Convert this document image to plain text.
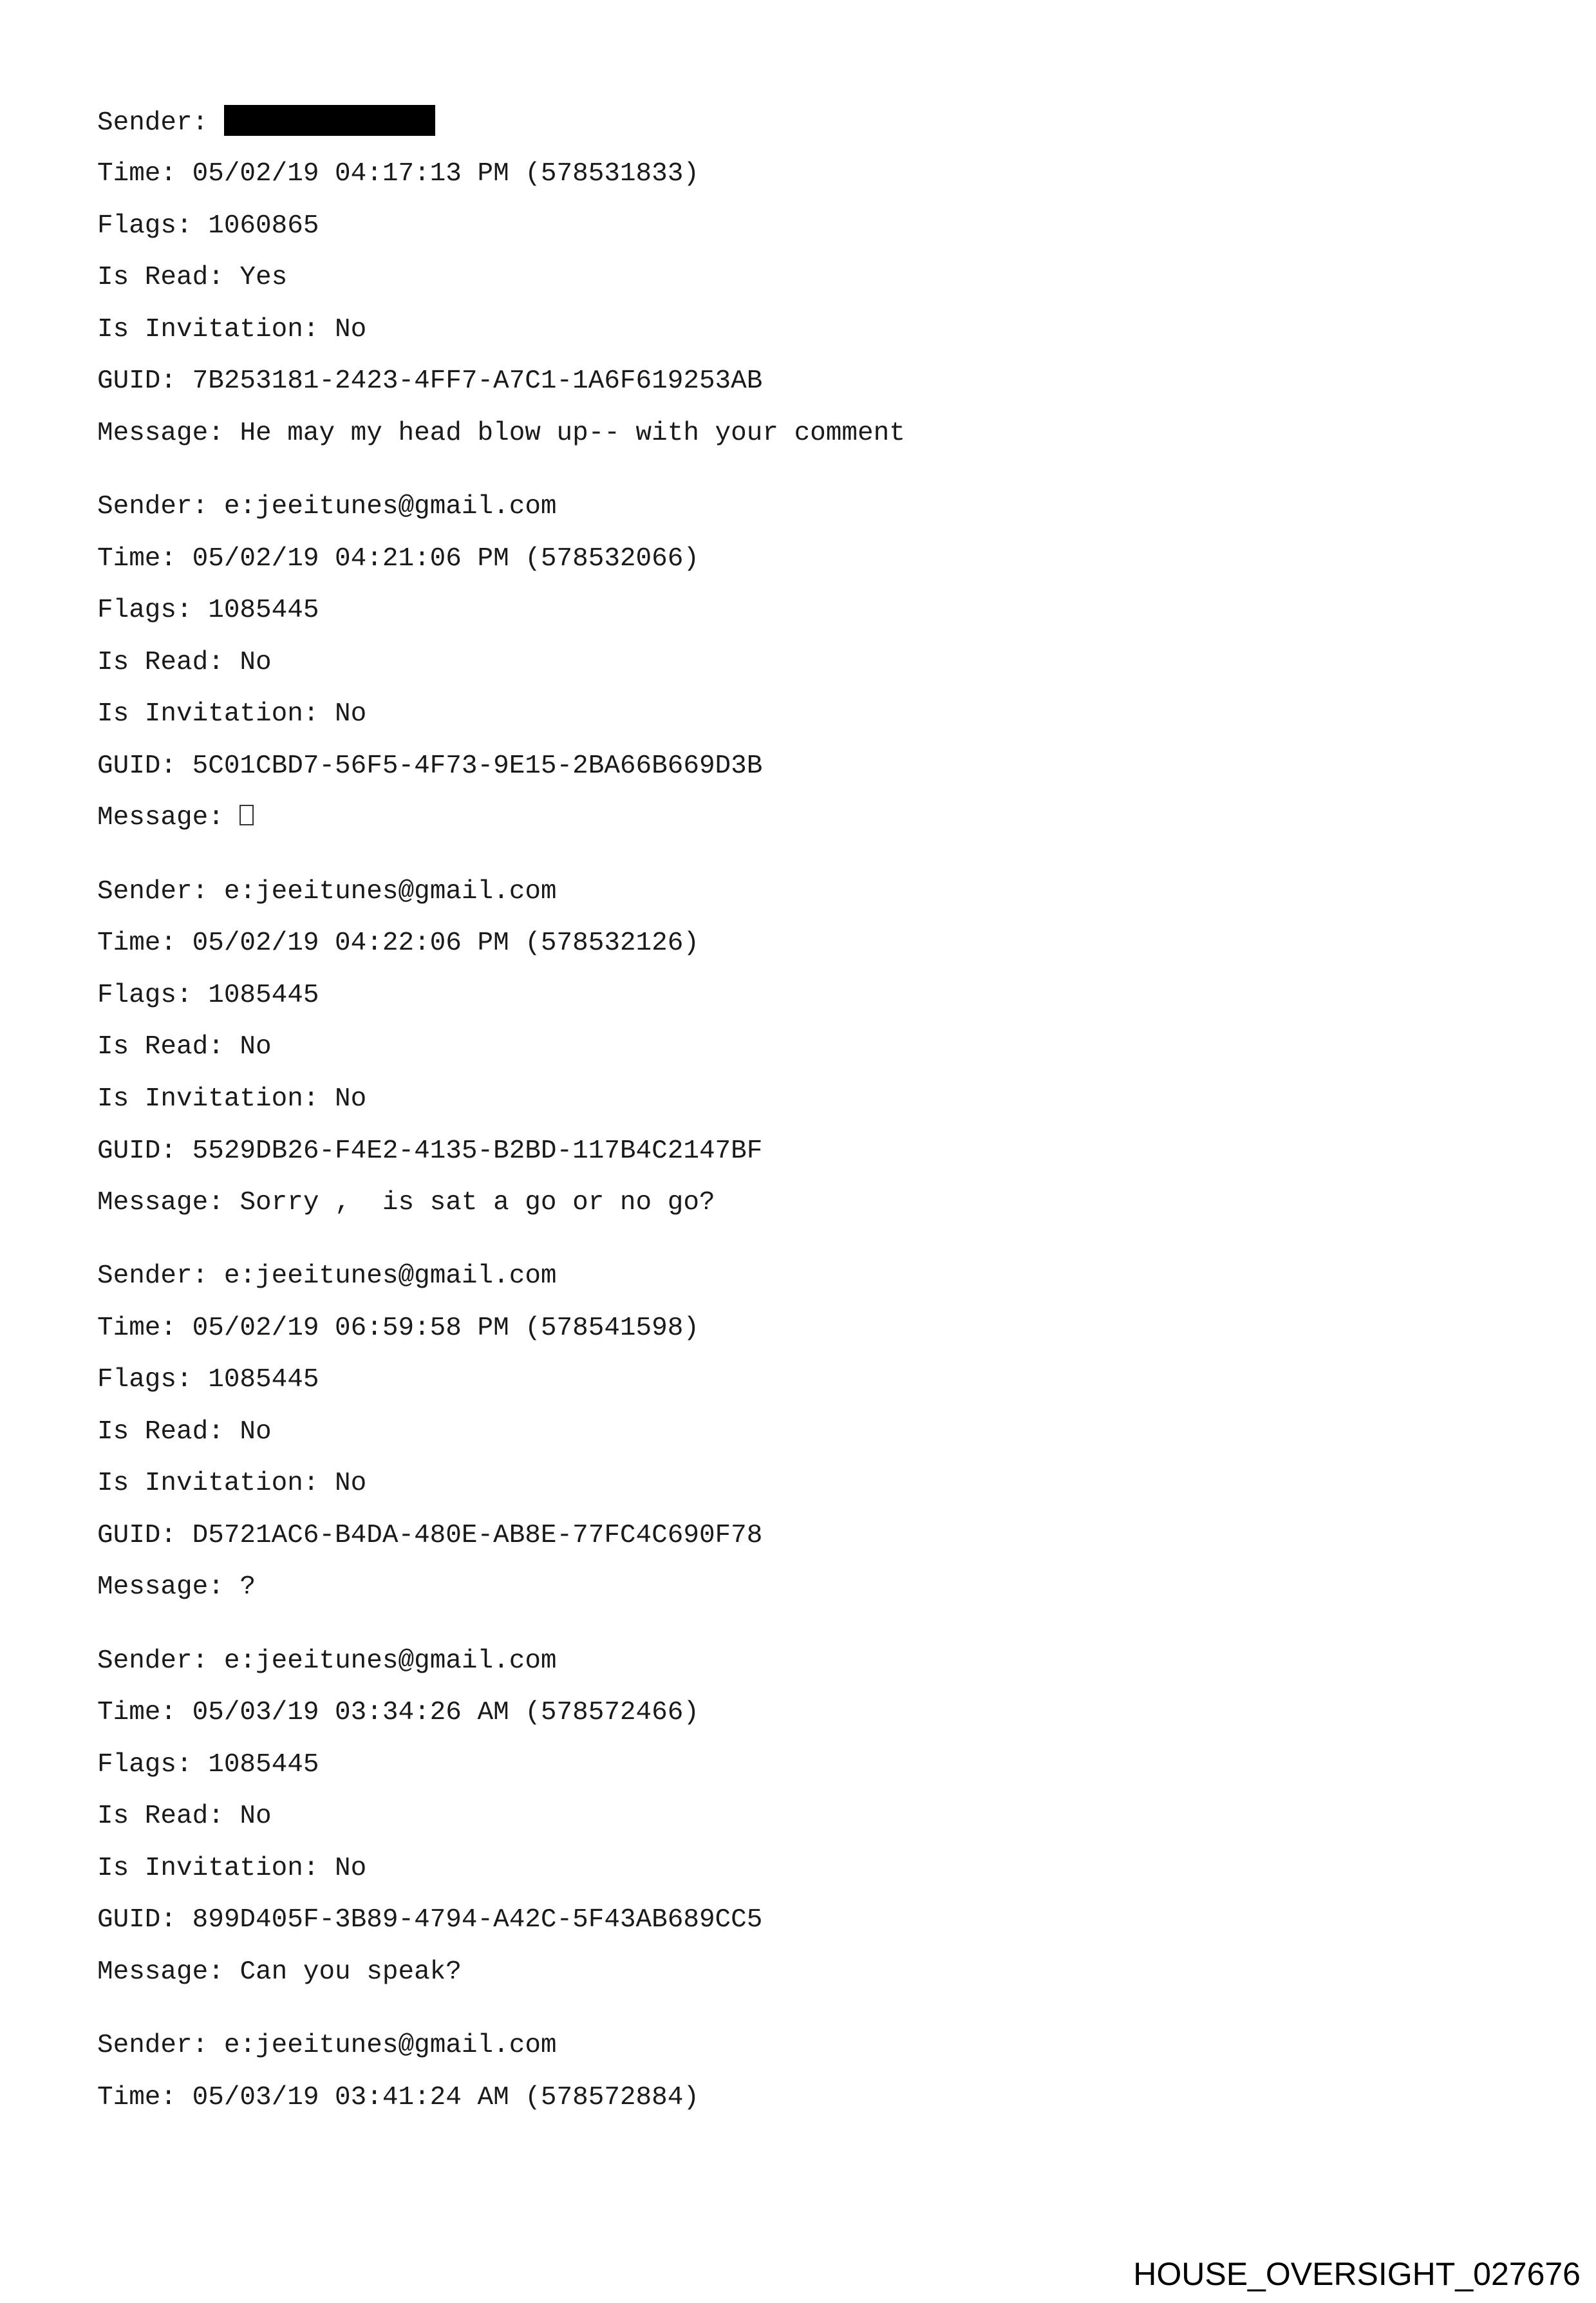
Sender:
Time: 05/02/19 04:17:13 PM (578531833)
Flags: 1060865
Is Read: Yes
Is Invitation: No
GUID: 7B253181-2423-4FF7-A7C1-1A6F619253AB
Message: He may my head blow up-- with your comment
Sender: e:jeeitunes@gmail.com
Time: 05/02/19 04:21:06 PM (578532066)
Flags: 1085445
Is Read: No
Is Invitation: No
GUID: 5C01CBD7-56F5-4F73-9E15-2BA66B669D3B
Message:
Sender: e:jeeitunes@gmail.com
Time: 05/02/19 04:22:06 PM (578532126)
Flags: 1085445
Is Read: No
Is Invitation: No
GUID: 5529DB26-F4E2-4135-B2BD-117B4C2147BF
Message: Sorry ,  is sat a go or no go?
Sender: e:jeeitunes@gmail.com
Time: 05/02/19 06:59:58 PM (578541598)
Flags: 1085445
Is Read: No
Is Invitation: No
GUID: D5721AC6-B4DA-480E-AB8E-77FC4C690F78
Message: ?
Sender: e:jeeitunes@gmail.com
Time: 05/03/19 03:34:26 AM (578572466)
Flags: 1085445
Is Read: No
Is Invitation: No
GUID: 899D405F-3B89-4794-A42C-5F43AB689CC5
Message: Can you speak?
Sender: e:jeeitunes@gmail.com
Time: 05/03/19 03:41:24 AM (578572884)
HOUSE_OVERSIGHT_027676
